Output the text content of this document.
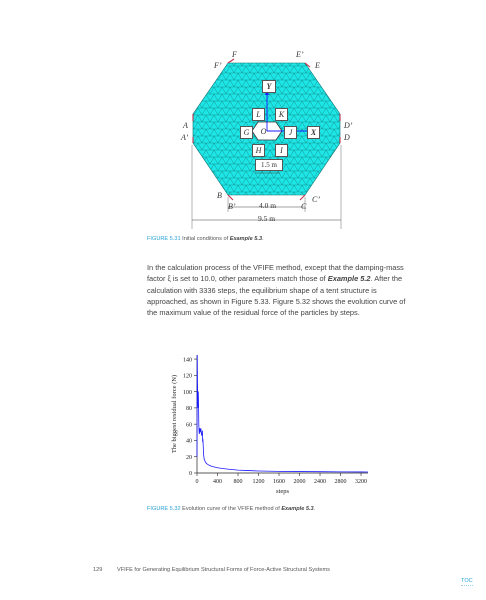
Y
L	K
G	O	J	X
H	I
1.5 m
F
F’
E’
E
A
A’
D’
D
B
B’
C’
C
4.0 m
9.5 m
FIGURE 5.31 Initial conditions of Example 5.3.
In the calculation process of the VFIFE method, except that the damping-mass factor ξ is set to 10.0, other parameters match those of Example 5.2. After the calculation with 3336 steps, the equilibrium shape of a tent structure is approached, as shown in Figure 5.33. Figure 5.32 shows the evolution curve of the maximum value of the residual force of the particles by steps.
0
20
40
60
80
100
120
140
0 400 800 1200 1600 2000 2400 2800 3200
steps
The biggest residual force (N)
FIGURE 5.32 Evolution curve of the VFIFE method of Example 5.3.
129	VFIFE for Generating Equilibrium Structural Forms of Force-Active Structural Systems
TOC
